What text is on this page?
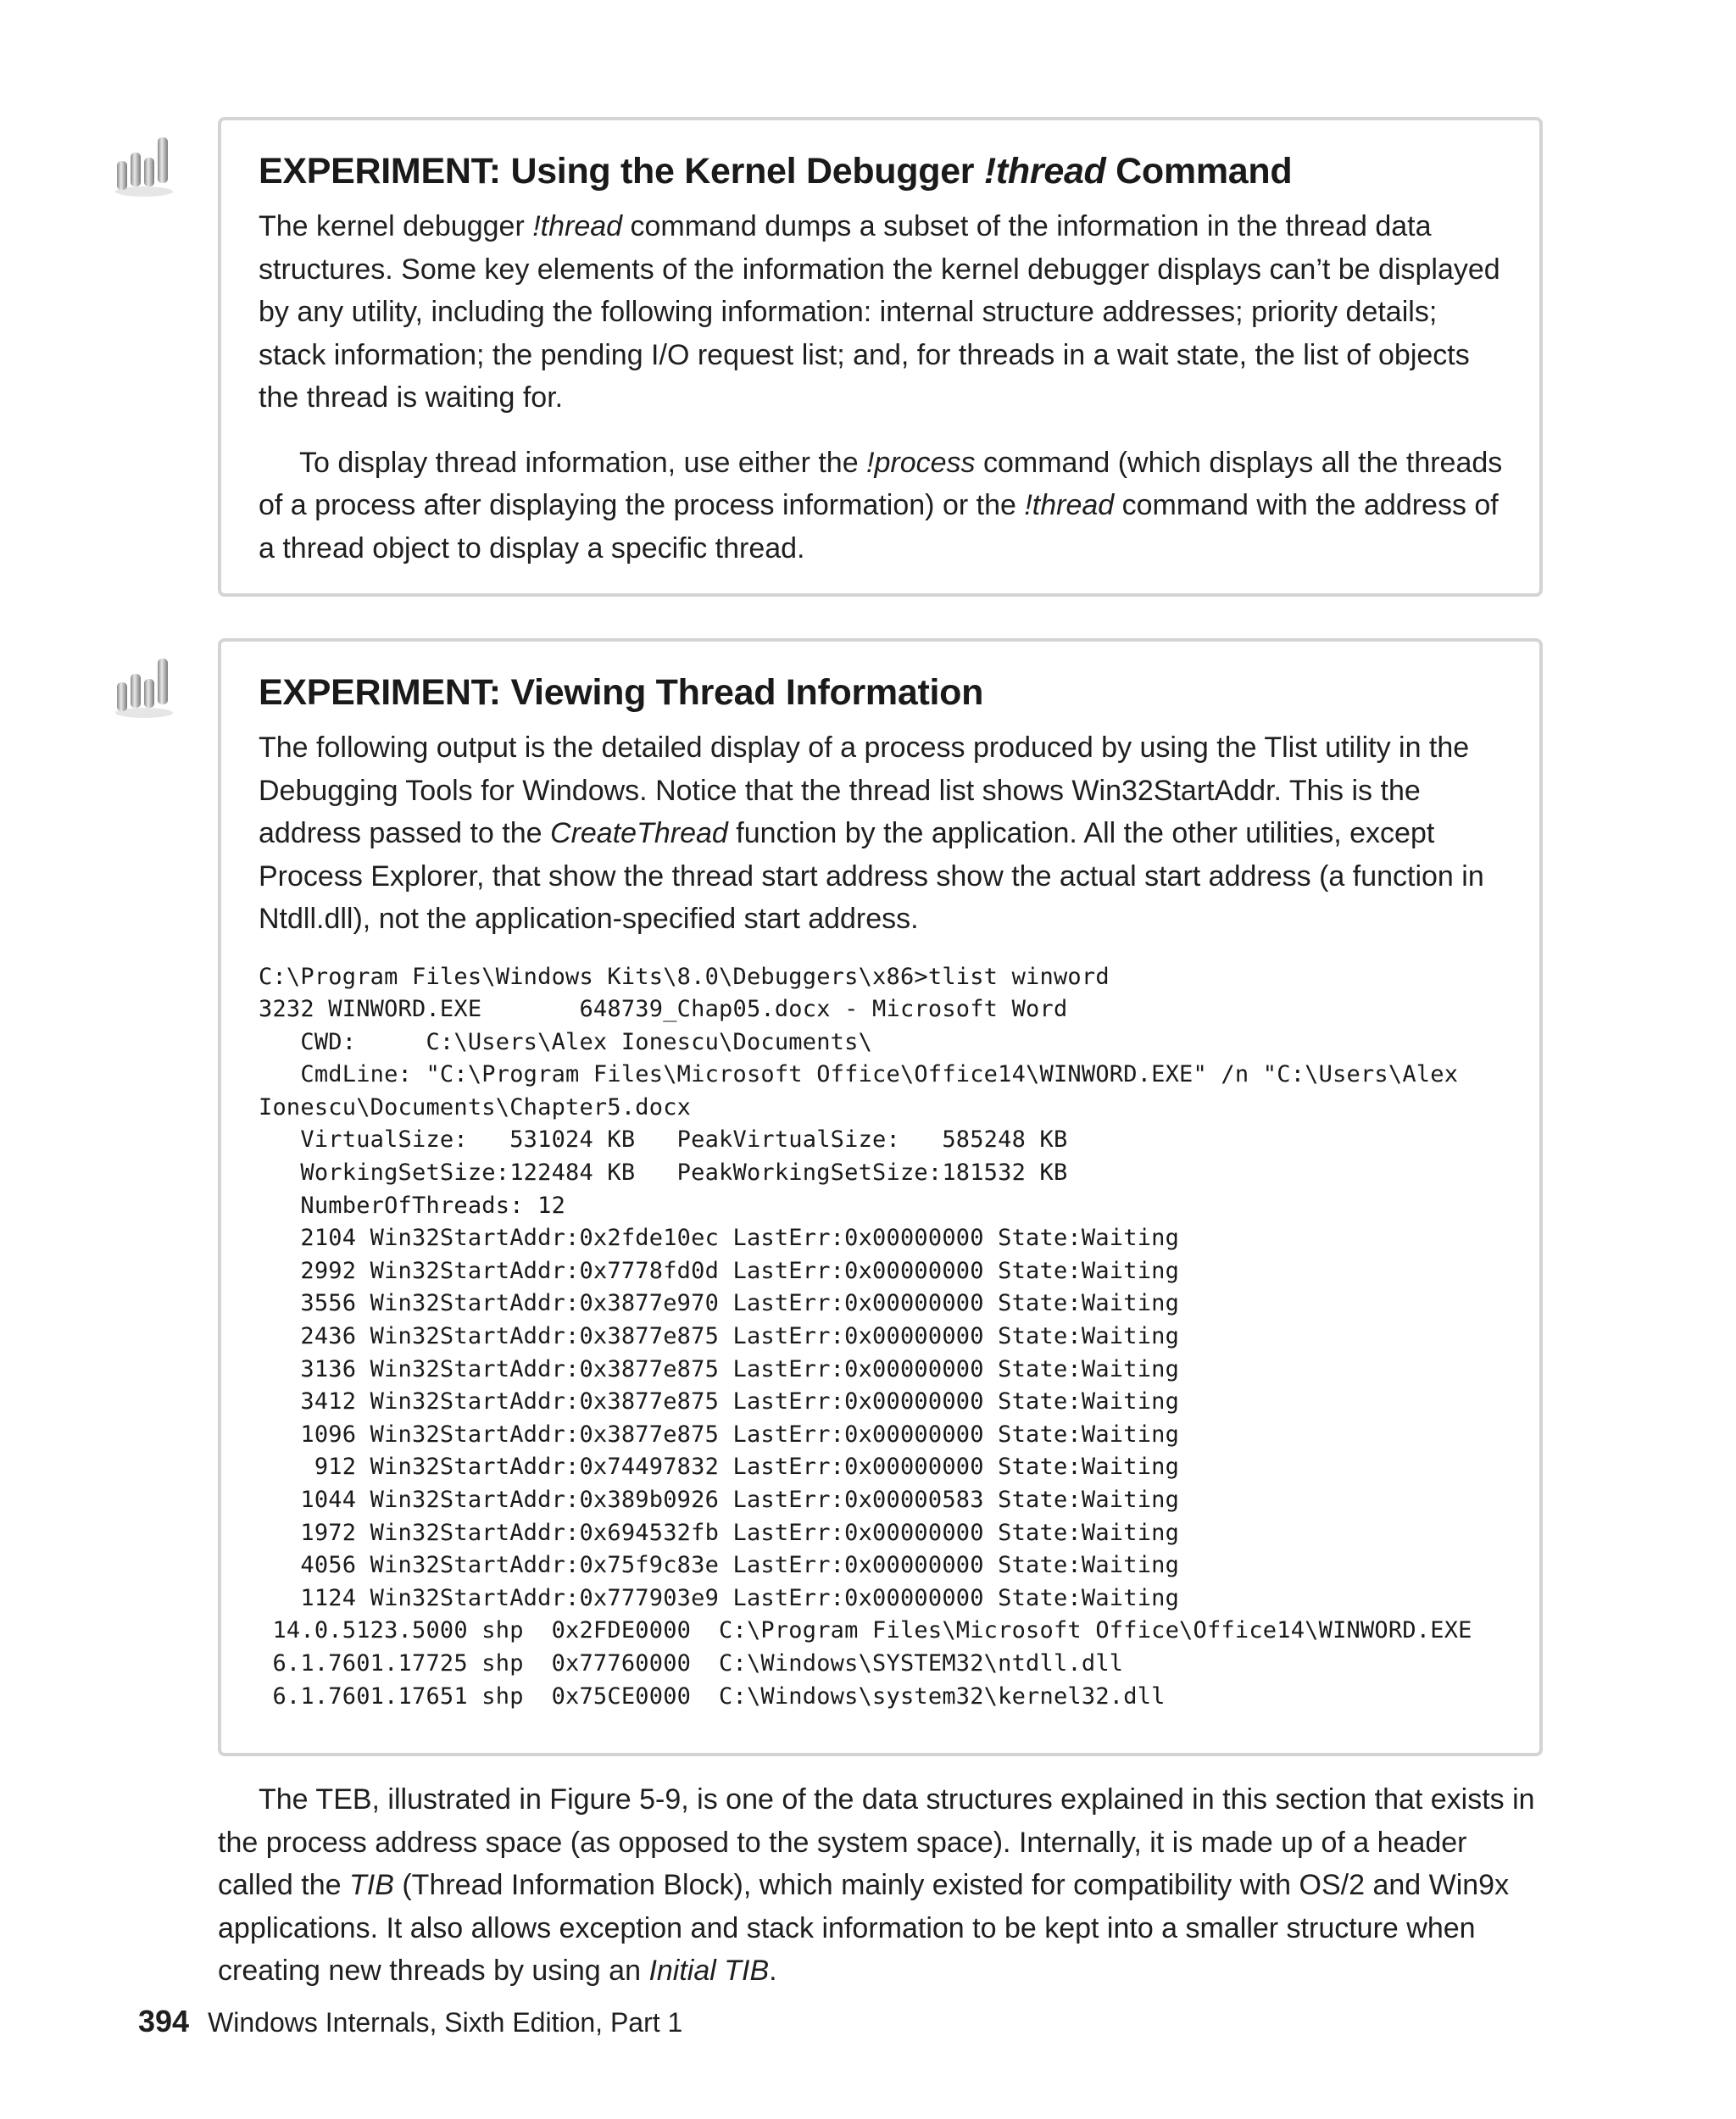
EXPERIMENT: Using the Kernel Debugger !thread Command

The kernel debugger !thread command dumps a subset of the information in the thread data structures. Some key elements of the information the kernel debugger displays can’t be displayed by any utility, including the following information: internal structure addresses; priority details; stack information; the pending I/O request list; and, for threads in a wait state, the list of objects the thread is waiting for.

To display thread information, use either the !process command (which displays all the threads of a process after displaying the process information) or the !thread command with the address of a thread object to display a specific thread.

EXPERIMENT: Viewing Thread Information

The following output is the detailed display of a process produced by using the Tlist utility in the Debugging Tools for Windows. Notice that the thread list shows Win32StartAddr. This is the address passed to the CreateThread function by the application. All the other utilities, except Process Explorer, that show the thread start address show the actual start address (a function in Ntdll.dll), not the application-specified start address.

C:\Program Files\Windows Kits\8.0\Debuggers\x86>tlist winword
3232 WINWORD.EXE       648739_Chap05.docx - Microsoft Word
CWD:     C:\Users\Alex Ionescu\Documents\
CmdLine: "C:\Program Files\Microsoft Office\Office14\WINWORD.EXE" /n "C:\Users\Alex
Ionescu\Documents\Chapter5.docx
VirtualSize:   531024 KB   PeakVirtualSize:   585248 KB
WorkingSetSize:122484 KB   PeakWorkingSetSize:181532 KB
NumberOfThreads: 12
2104 Win32StartAddr:0x2fde10ec LastErr:0x00000000 State:Waiting
2992 Win32StartAddr:0x7778fd0d LastErr:0x00000000 State:Waiting
3556 Win32StartAddr:0x3877e970 LastErr:0x00000000 State:Waiting
2436 Win32StartAddr:0x3877e875 LastErr:0x00000000 State:Waiting
3136 Win32StartAddr:0x3877e875 LastErr:0x00000000 State:Waiting
3412 Win32StartAddr:0x3877e875 LastErr:0x00000000 State:Waiting
1096 Win32StartAddr:0x3877e875 LastErr:0x00000000 State:Waiting
912 Win32StartAddr:0x74497832 LastErr:0x00000000 State:Waiting
1044 Win32StartAddr:0x389b0926 LastErr:0x00000583 State:Waiting
1972 Win32StartAddr:0x694532fb LastErr:0x00000000 State:Waiting
4056 Win32StartAddr:0x75f9c83e LastErr:0x00000000 State:Waiting
1124 Win32StartAddr:0x777903e9 LastErr:0x00000000 State:Waiting
14.0.5123.5000 shp  0x2FDE0000  C:\Program Files\Microsoft Office\Office14\WINWORD.EXE
6.1.7601.17725 shp  0x77760000  C:\Windows\SYSTEM32\ntdll.dll
6.1.7601.17651 shp  0x75CE0000  C:\Windows\system32\kernel32.dll

The TEB, illustrated in Figure 5-9, is one of the data structures explained in this section that exists in the process address space (as opposed to the system space). Internally, it is made up of a header called the TIB (Thread Information Block), which mainly existed for compatibility with OS/2 and Win9x applications. It also allows exception and stack information to be kept into a smaller structure when creating new threads by using an Initial TIB.

394 Windows Internals, Sixth Edition, Part 1
